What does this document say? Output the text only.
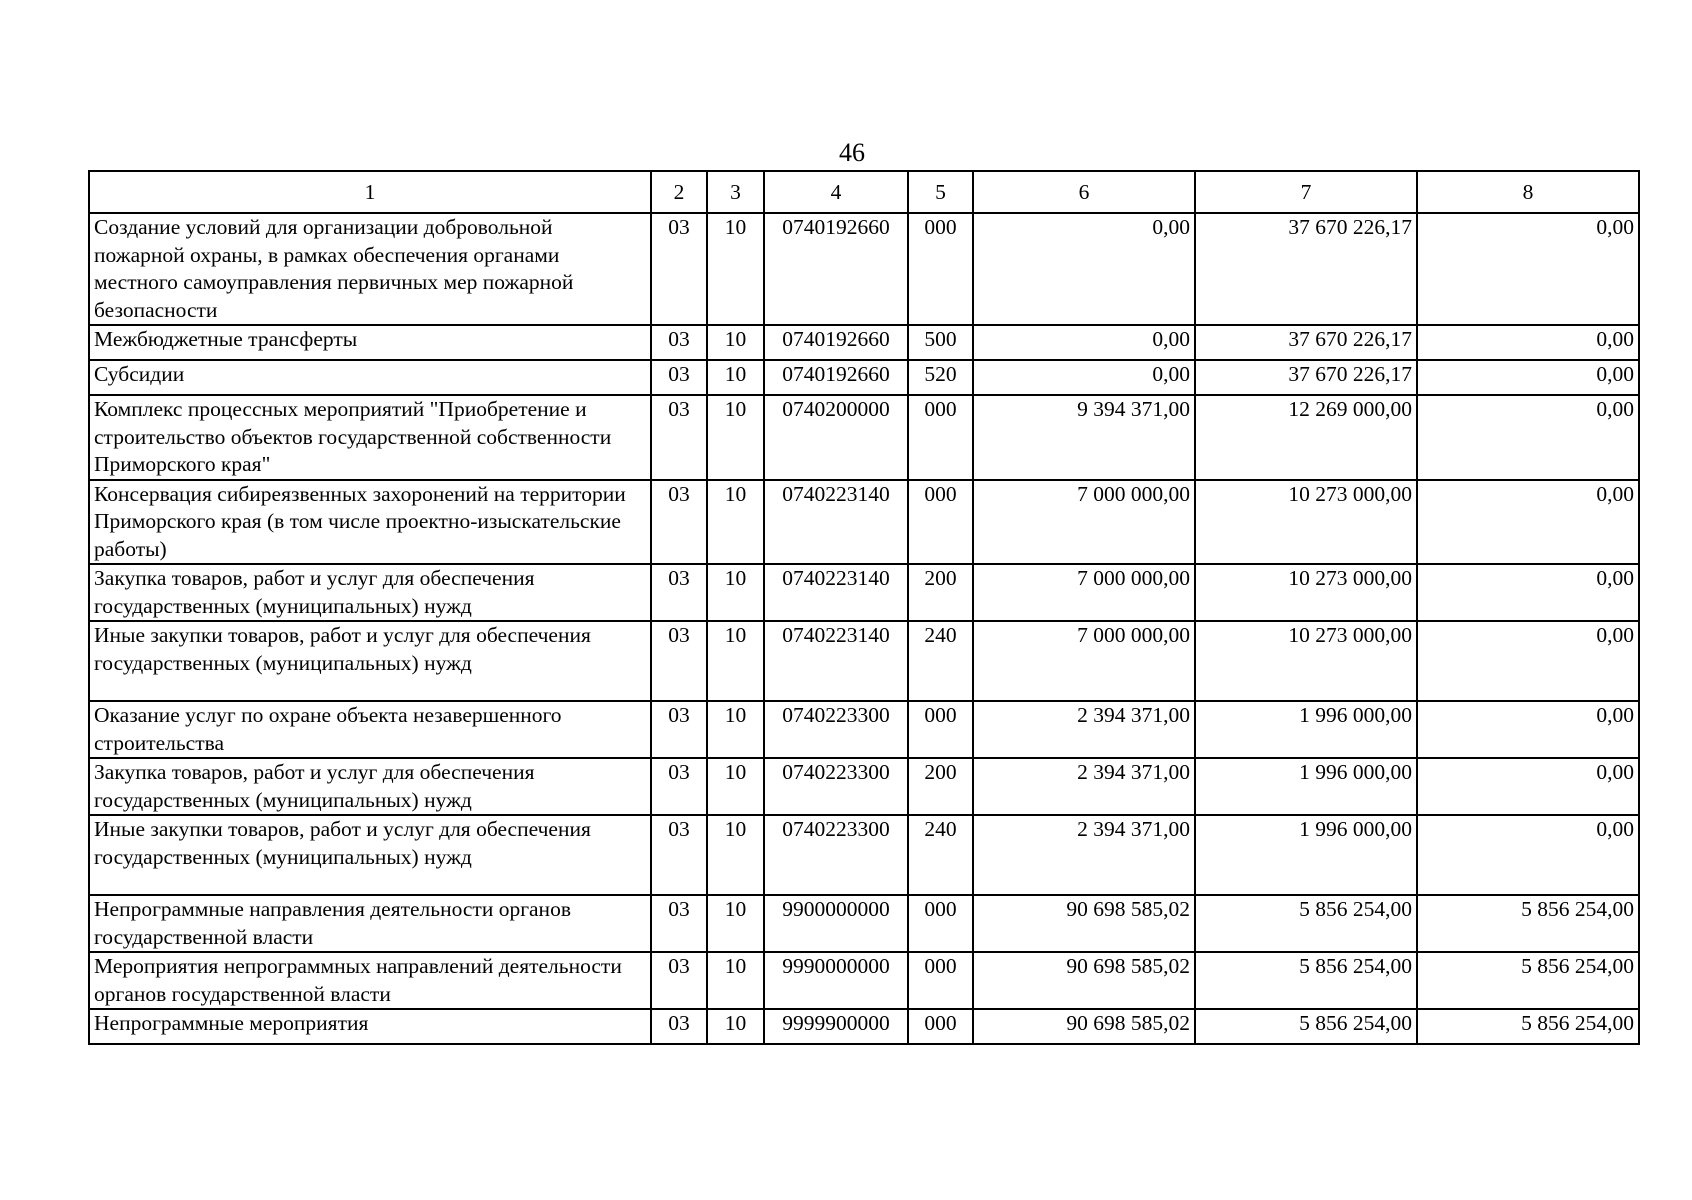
46
1	2	3	4	5	6	7	8
Создание условий для организации добровольной пожарной охраны, в рамках обеспечения органами местного самоуправления первичных мер пожарной безопасности	03	10	0740192660	000	0,00	37 670 226,17	0,00
Межбюджетные трансферты	03	10	0740192660	500	0,00	37 670 226,17	0,00
Субсидии	03	10	0740192660	520	0,00	37 670 226,17	0,00
Комплекс процессных мероприятий "Приобретение и строительство объектов государственной собственности Приморского края"	03	10	0740200000	000	9 394 371,00	12 269 000,00	0,00
Консервация сибиреязвенных захоронений на территории Приморского края (в том числе проектно-изыскательские работы)	03	10	0740223140	000	7 000 000,00	10 273 000,00	0,00
Закупка товаров, работ и услуг для обеспечения государственных (муниципальных) нужд	03	10	0740223140	200	7 000 000,00	10 273 000,00	0,00
Иные закупки товаров, работ и услуг для обеспечения государственных (муниципальных) нужд	03	10	0740223140	240	7 000 000,00	10 273 000,00	0,00
Оказание услуг по охране объекта незавершенного строительства	03	10	0740223300	000	2 394 371,00	1 996 000,00	0,00
Закупка товаров, работ и услуг для обеспечения государственных (муниципальных) нужд	03	10	0740223300	200	2 394 371,00	1 996 000,00	0,00
Иные закупки товаров, работ и услуг для обеспечения государственных (муниципальных) нужд	03	10	0740223300	240	2 394 371,00	1 996 000,00	0,00
Непрограммные направления деятельности органов государственной власти	03	10	9900000000	000	90 698 585,02	5 856 254,00	5 856 254,00
Мероприятия непрограммных направлений деятельности органов государственной власти	03	10	9990000000	000	90 698 585,02	5 856 254,00	5 856 254,00
Непрограммные мероприятия	03	10	9999900000	000	90 698 585,02	5 856 254,00	5 856 254,00
